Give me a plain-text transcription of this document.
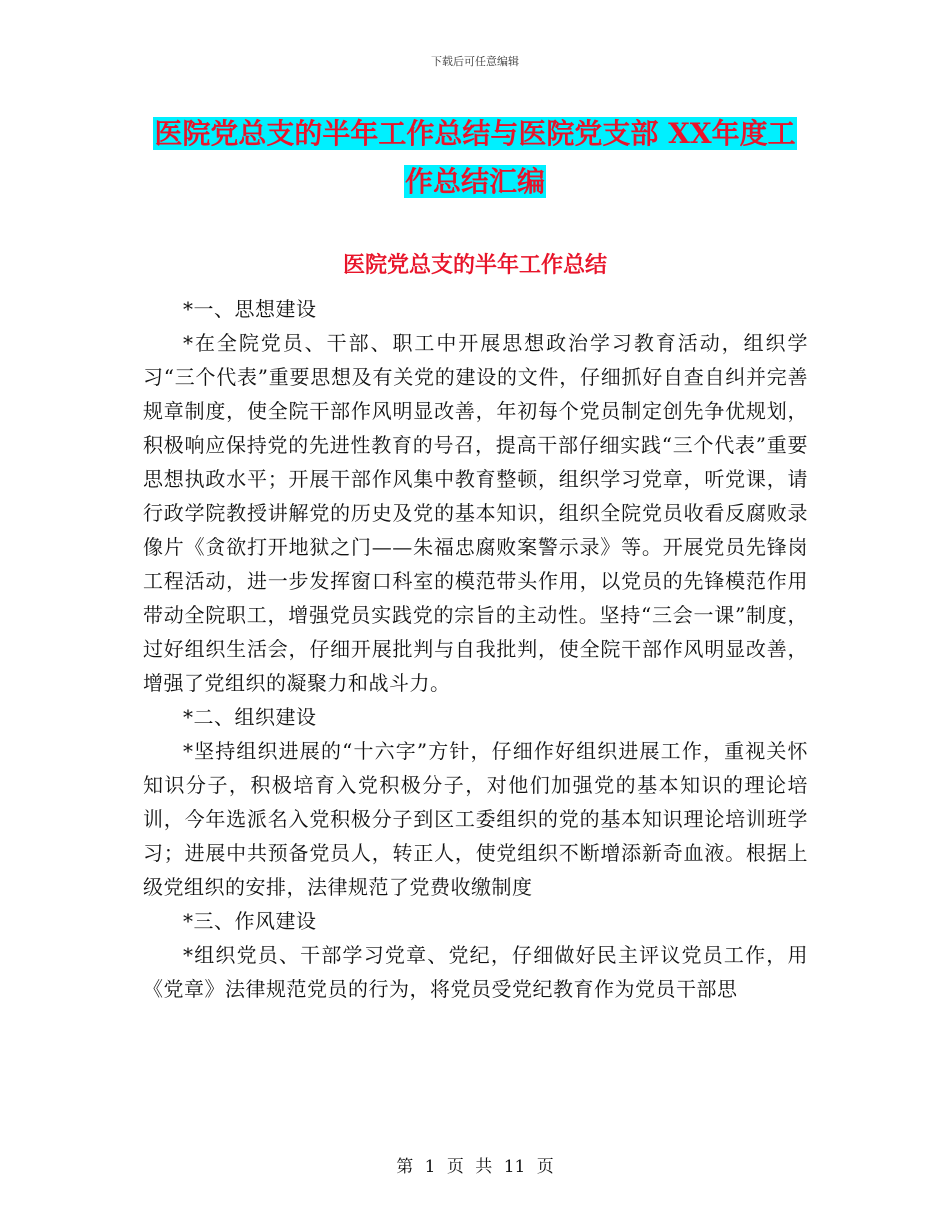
下载后可任意编辑
医院党总支的半年工作总结与医院党支部 XX年度工
作总结汇编
医院党总支的半年工作总结

*一、思想建设

*在全院党员、干部、职工中开展思想政治学习教育活动，组织学习“三个代表”重要思想及有关党的建设的文件，仔细抓好自查自纠并完善规章制度，使全院干部作风明显改善，年初每个党员制定创先争优规划，积极响应保持党的先进性教育的号召，提高干部仔细实践“三个代表”重要思想执政水平；开展干部作风集中教育整顿，组织学习党章，听党课，请行政学院教授讲解党的历史及党的基本知识，组织全院党员收看反腐败录像片《贪欲打开地狱之门——朱福忠腐败案警示录》等。开展党员先锋岗工程活动，进一步发挥窗口科室的模范带头作用，以党员的先锋模范作用带动全院职工，增强党员实践党的宗旨的主动性。坚持“三会一课”制度，过好组织生活会，仔细开展批判与自我批判，使全院干部作风明显改善，增强了党组织的凝聚力和战斗力。

*二、组织建设

*坚持组织进展的“十六字”方针，仔细作好组织进展工作，重视关怀知识分子，积极培育入党积极分子，对他们加强党的基本知识的理论培训，今年选派名入党积极分子到区工委组织的党的基本知识理论培训班学习；进展中共预备党员人，转正人，使党组织不断增添新奇血液。根据上级党组织的安排，法律规范了党费收缴制度

*三、作风建设

*组织党员、干部学习党章、党纪，仔细做好民主评议党员工作，用《党章》法律规范党员的行为，将党员受党纪教育作为党员干部思

第 1 页 共 11 页
